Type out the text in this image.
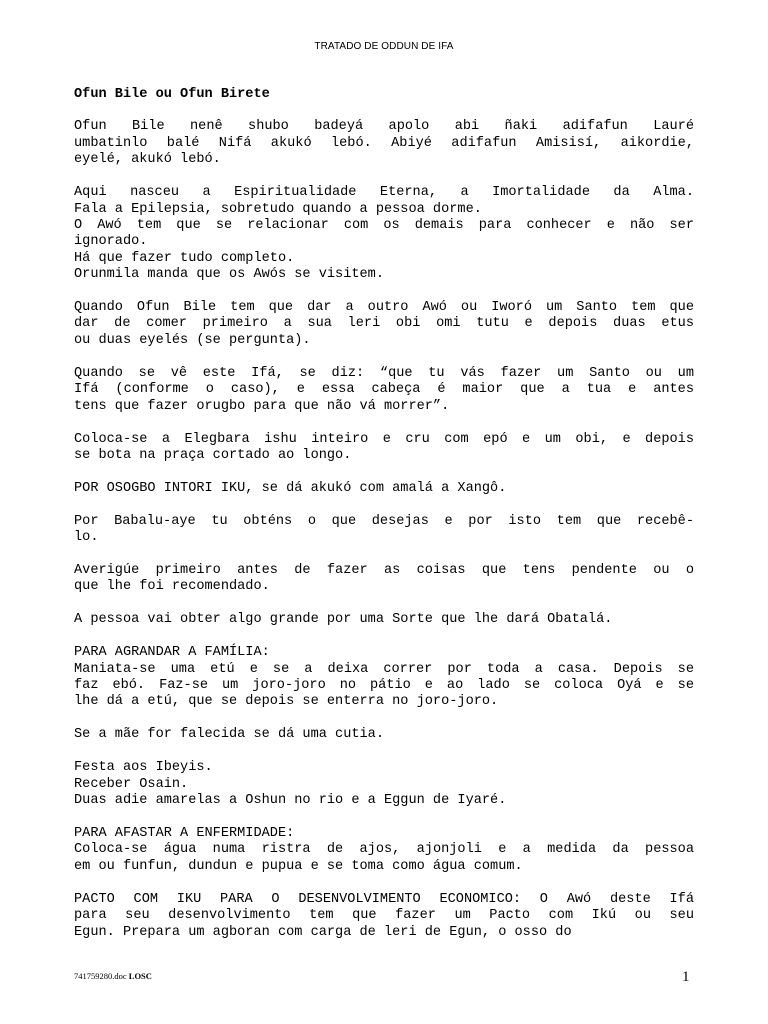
TRATADO DE ODDUN DE IFA
Ofun Bile ou Ofun Birete
Ofun Bile nenê shubo badeyá apolo abi ñaki adifafun Lauré
umbatinlo balé Nifá akukó lebó. Abiyé adifafun Amisisí, aikordie,
eyelé, akukó lebó.
Aqui nasceu a Espiritualidade Eterna, a Imortalidade da Alma.
Fala a Epilepsia, sobretudo quando a pessoa dorme.
O Awó tem que se relacionar com os demais para conhecer e não ser
ignorado.
Há que fazer tudo completo.
Orunmila manda que os Awós se visitem.
Quando Ofun Bile tem que dar a outro Awó ou Iworó um Santo tem que
dar de comer primeiro a sua leri obi omi tutu e depois duas etus
ou duas eyelés (se pergunta).
Quando se vê este Ifá, se diz: “que tu vás fazer um Santo ou um
Ifá (conforme o caso), e essa cabeça é maior que a tua e antes
tens que fazer orugbo para que não vá morrer”.
Coloca-se a Elegbara ishu inteiro e cru com epó e um obi, e depois
se bota na praça cortado ao longo.
POR OSOGBO INTORI IKU, se dá akukó com amalá a Xangô.
Por Babalu-aye tu obténs o que desejas e por isto tem que recebê-
lo.
Averigúe primeiro antes de fazer as coisas que tens pendente ou o
que lhe foi recomendado.
A pessoa vai obter algo grande por uma Sorte que lhe dará Obatalá.
PARA AGRANDAR A FAMÍLIA:
Maniata-se uma etú e se a deixa correr por toda a casa. Depois se
faz ebó. Faz-se um joro-joro no pátio e ao lado se coloca Oyá e se
lhe dá a etú, que se depois se enterra no joro-joro.
Se a mãe for falecida se dá uma cutia.
Festa aos Ibeyis.
Receber Osain.
Duas adie amarelas a Oshun no rio e a Eggun de Iyaré.
PARA AFASTAR A ENFERMIDADE:
Coloca-se água numa ristra de ajos, ajonjoli e a medida da pessoa
em ou funfun, dundun e pupua e se toma como água comum.
PACTO COM IKU PARA O DESENVOLVIMENTO ECONOMICO: O Awó deste Ifá
para seu desenvolvimento tem que fazer um Pacto com Ikú ou seu
Egun. Prepara um agboran com carga de leri de Egun, o osso do
741759280.doc LOSC	1
